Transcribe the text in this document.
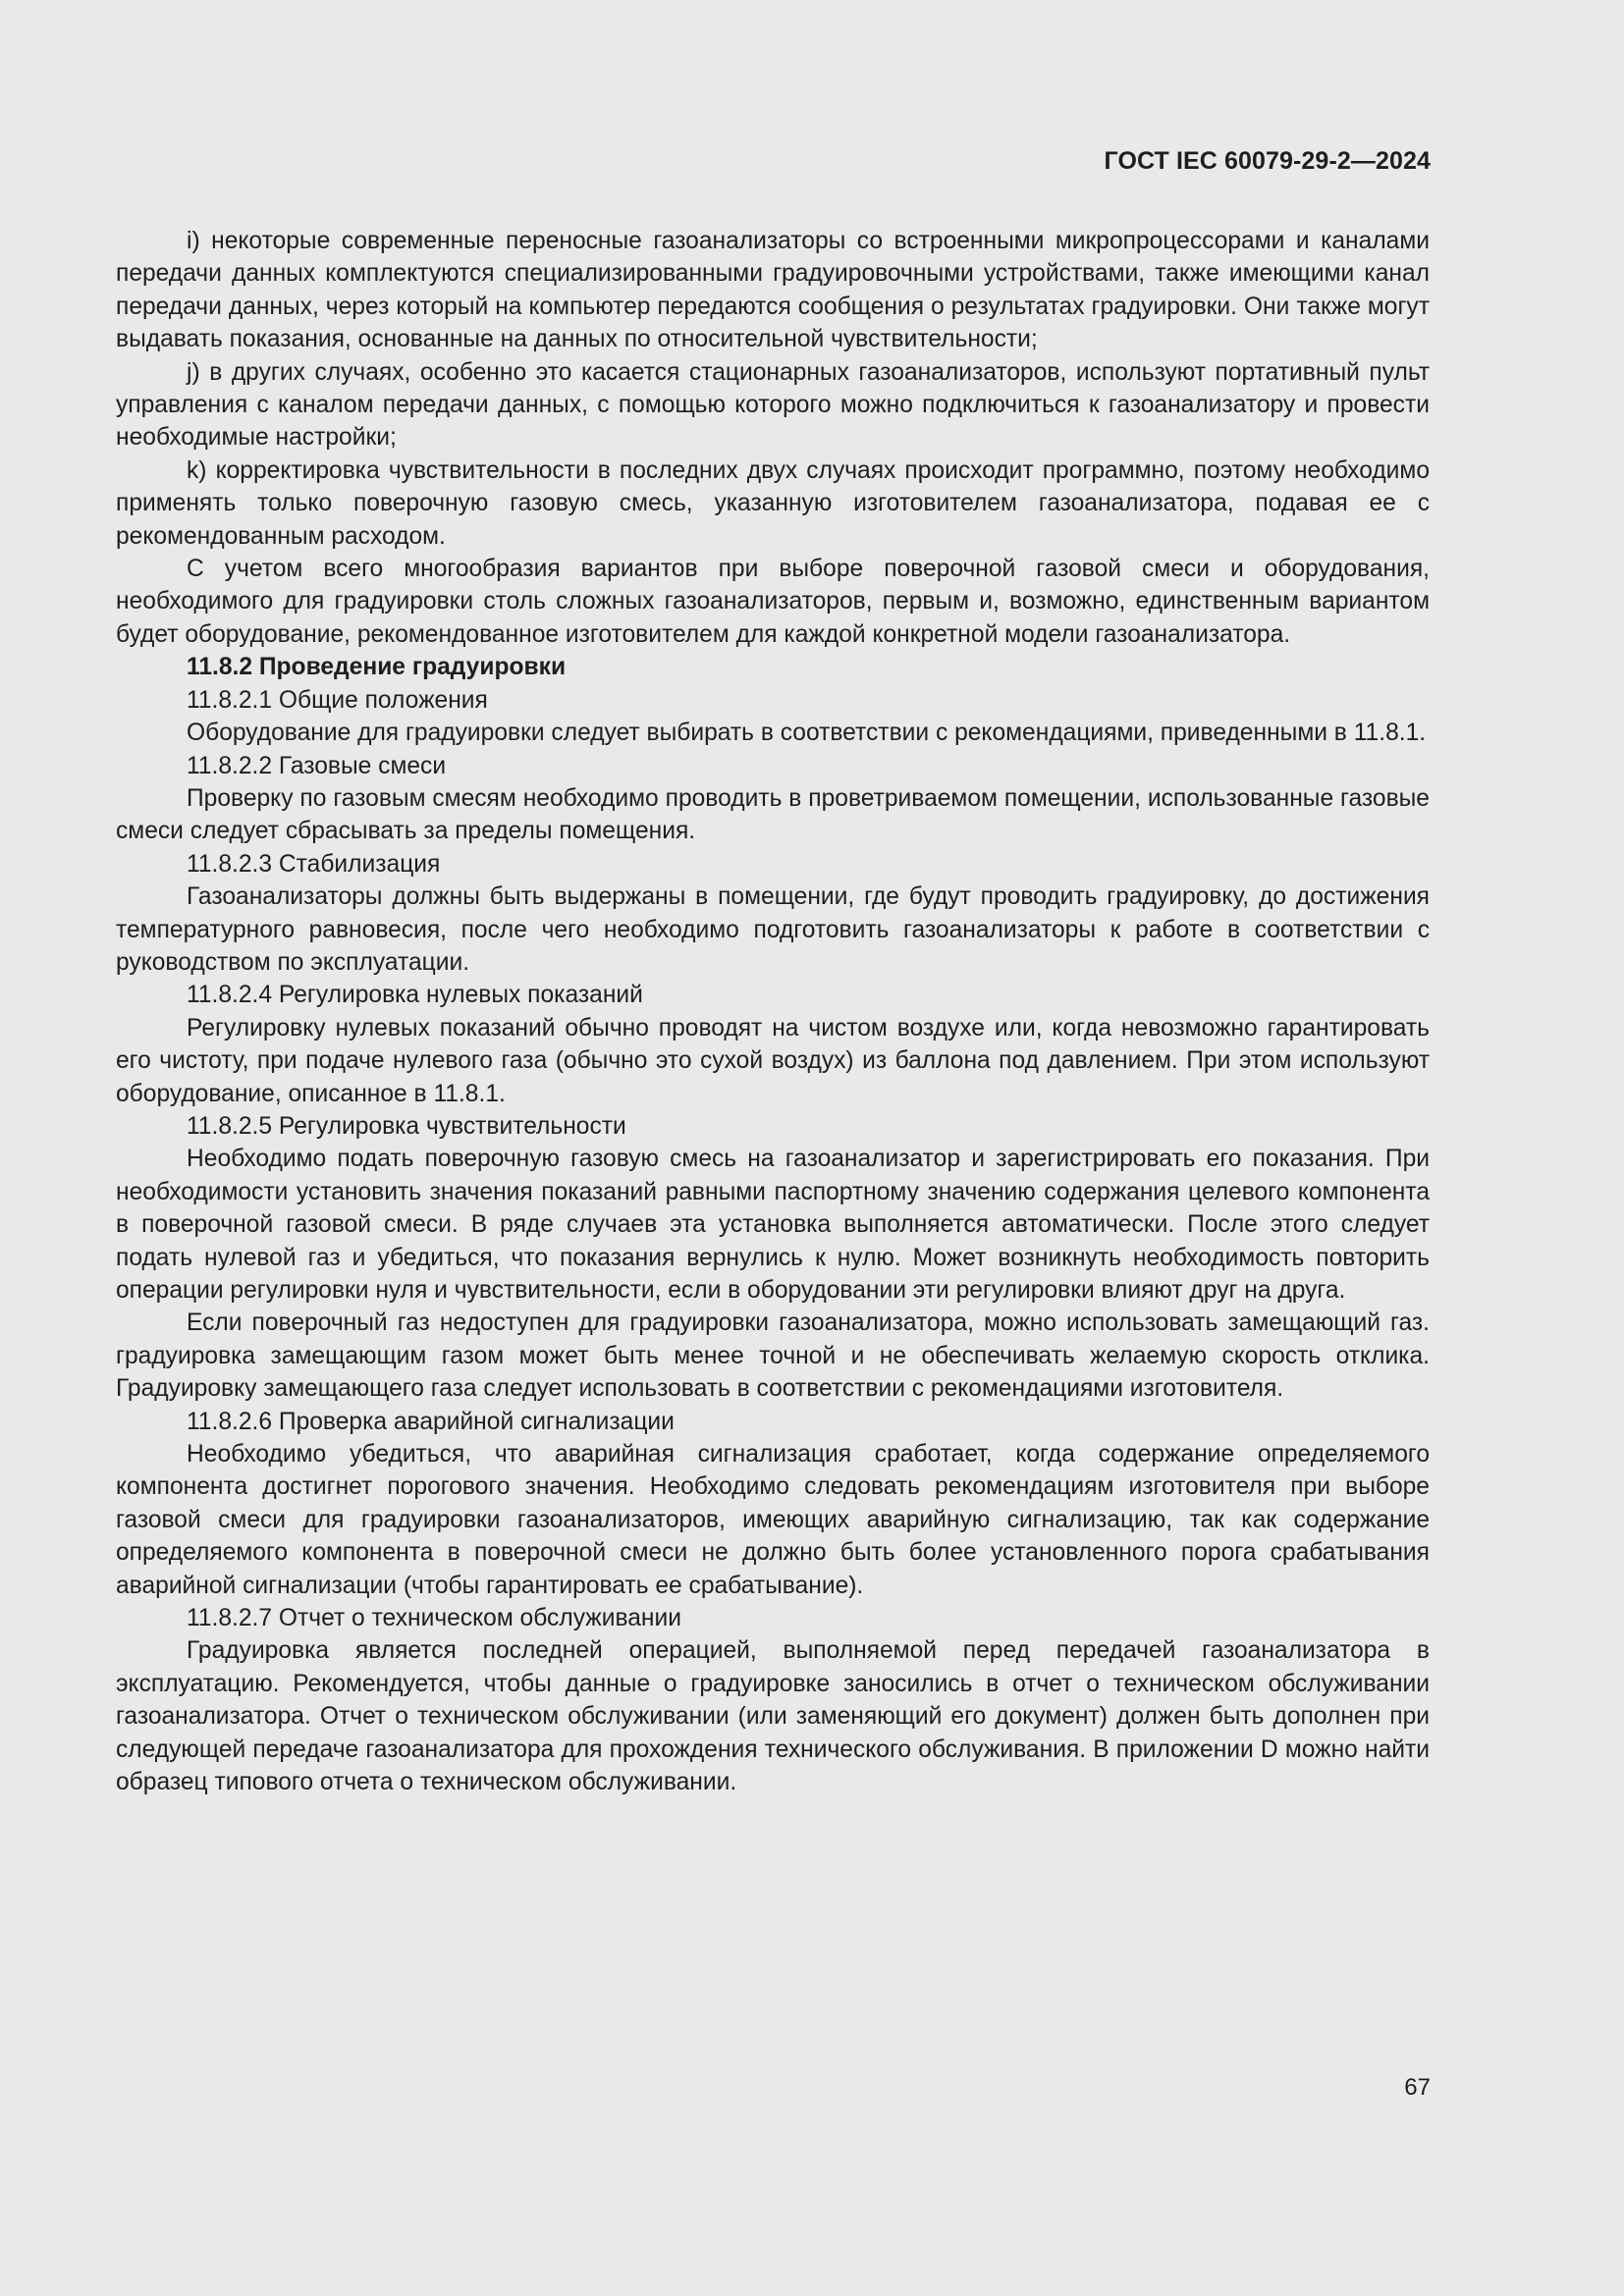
ГОСТ IEC 60079-29-2—2024

i) некоторые современные переносные газоанализаторы со встроенными микропроцессорами и каналами передачи данных комплектуются специализированными градуировочными устройствами, также имеющими канал передачи данных, через который на компьютер передаются сообщения о результатах градуировки. Они также могут выдавать показания, основанные на данных по относительной чувствительности;

j) в других случаях, особенно это касается стационарных газоанализаторов, используют портативный пульт управления с каналом передачи данных, с помощью которого можно подключиться к газоанализатору и провести необходимые настройки;

k) корректировка чувствительности в последних двух случаях происходит программно, поэтому необходимо применять только поверочную газовую смесь, указанную изготовителем газоанализатора, подавая ее с рекомендованным расходом.

С учетом всего многообразия вариантов при выборе поверочной газовой смеси и оборудования, необходимого для градуировки столь сложных газоанализаторов, первым и, возможно, единственным вариантом будет оборудование, рекомендованное изготовителем для каждой конкретной модели газоанализатора.

11.8.2 Проведение градуировки

11.8.2.1 Общие положения

Оборудование для градуировки следует выбирать в соответствии с рекомендациями, приведенными в 11.8.1.

11.8.2.2 Газовые смеси

Проверку по газовым смесям необходимо проводить в проветриваемом помещении, использованные газовые смеси следует сбрасывать за пределы помещения.

11.8.2.3 Стабилизация

Газоанализаторы должны быть выдержаны в помещении, где будут проводить градуировку, до достижения температурного равновесия, после чего необходимо подготовить газоанализаторы к работе в соответствии с руководством по эксплуатации.

11.8.2.4 Регулировка нулевых показаний

Регулировку нулевых показаний обычно проводят на чистом воздухе или, когда невозможно гарантировать его чистоту, при подаче нулевого газа (обычно это сухой воздух) из баллона под давлением. При этом используют оборудование, описанное в 11.8.1.

11.8.2.5 Регулировка чувствительности

Необходимо подать поверочную газовую смесь на газоанализатор и зарегистрировать его показания. При необходимости установить значения показаний равными паспортному значению содержания целевого компонента в поверочной газовой смеси. В ряде случаев эта установка выполняется автоматически. После этого следует подать нулевой газ и убедиться, что показания вернулись к нулю. Может возникнуть необходимость повторить операции регулировки нуля и чувствительности, если в оборудовании эти регулировки влияют друг на друга.

Если поверочный газ недоступен для градуировки газоанализатора, можно использовать замещающий газ. градуировка замещающим газом может быть менее точной и не обеспечивать желаемую скорость отклика. Градуировку замещающего газа следует использовать в соответствии с рекомендациями изготовителя.

11.8.2.6 Проверка аварийной сигнализации

Необходимо убедиться, что аварийная сигнализация сработает, когда содержание определяемого компонента достигнет порогового значения. Необходимо следовать рекомендациям изготовителя при выборе газовой смеси для градуировки газоанализаторов, имеющих аварийную сигнализацию, так как содержание определяемого компонента в поверочной смеси не должно быть более установленного порога срабатывания аварийной сигнализации (чтобы гарантировать ее срабатывание).

11.8.2.7 Отчет о техническом обслуживании

Градуировка является последней операцией, выполняемой перед передачей газоанализатора в эксплуатацию. Рекомендуется, чтобы данные о градуировке заносились в отчет о техническом обслуживании газоанализатора. Отчет о техническом обслуживании (или заменяющий его документ) должен быть дополнен при следующей передаче газоанализатора для прохождения технического обслуживания. В приложении D можно найти образец типового отчета о техническом обслуживании.

67
